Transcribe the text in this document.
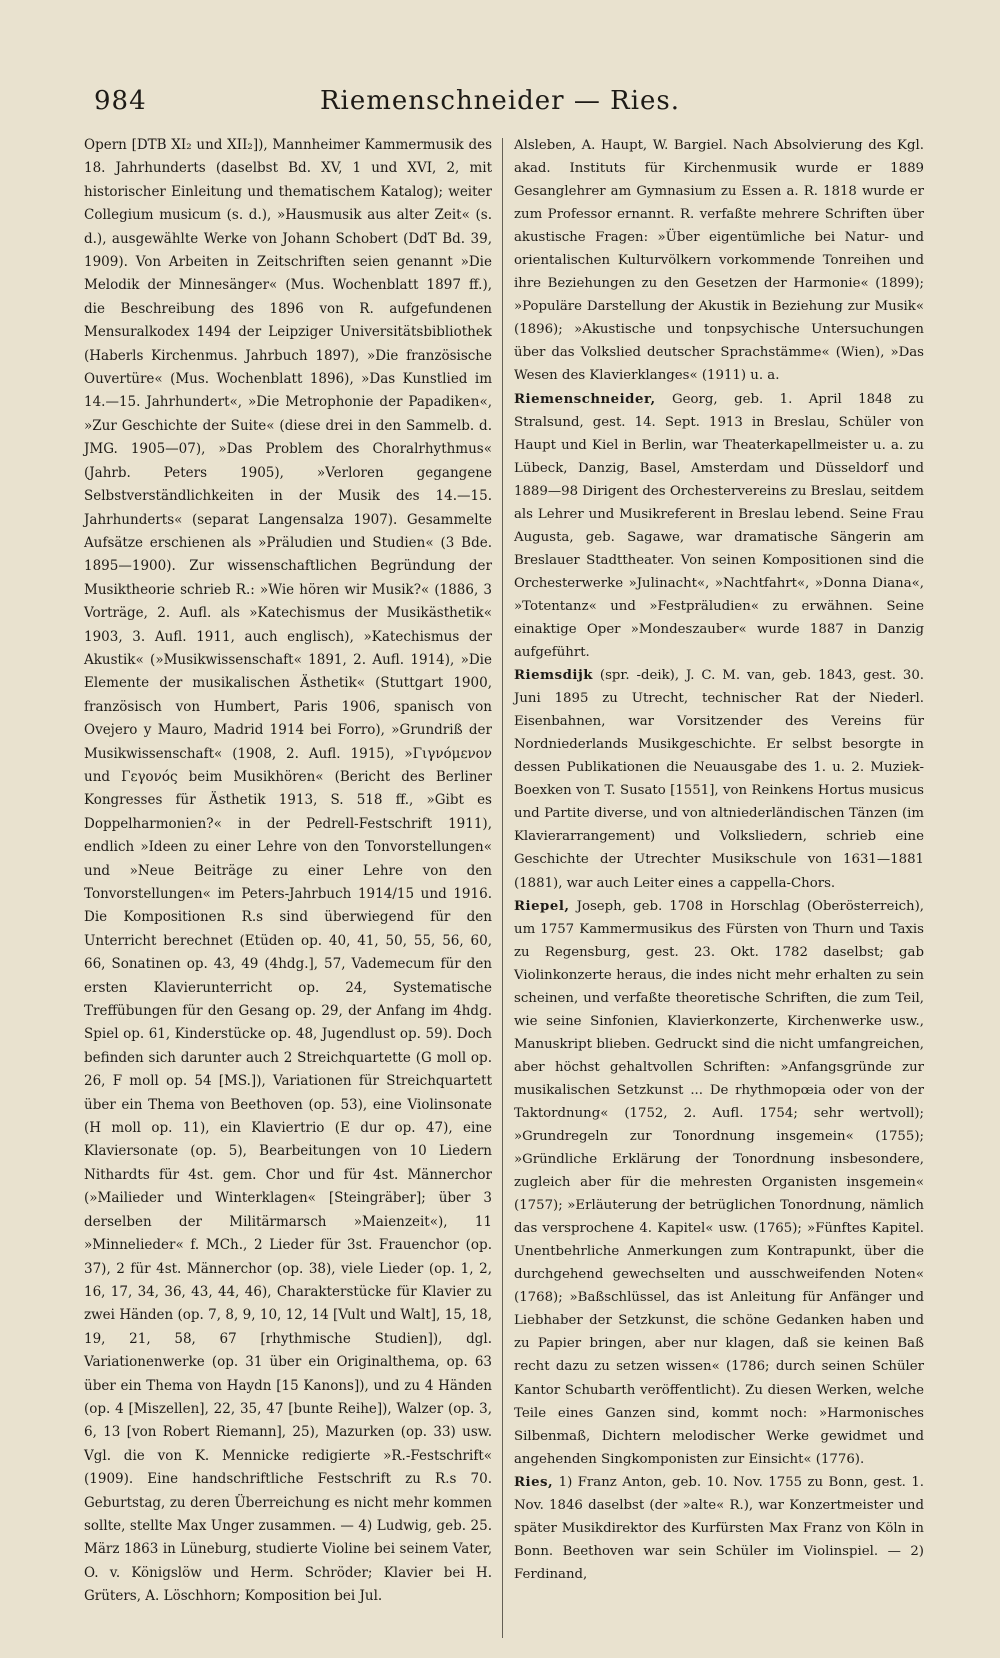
984	Riemenschneider — Ries.

Opern [DTB XI₂ und XII₂]), Mannheimer Kammermusik des 18. Jahrhunderts (daselbst Bd. XV, 1 und XVI, 2, mit historischer Einleitung und thematischem Katalog); weiter Collegium musicum (s. d.), »Hausmusik aus alter Zeit« (s. d.), ausgewählte Werke von Johann Schobert (DdT Bd. 39, 1909). Von Arbeiten in Zeitschriften seien genannt »Die Melodik der Minnesänger« (Mus. Wochenblatt 1897 ff.), die Beschreibung des 1896 von R. aufgefundenen Mensuralkodex 1494 der Leipziger Universitätsbibliothek (Haberls Kirchenmus. Jahrbuch 1897), »Die französische Ouvertüre« (Mus. Wochenblatt 1896), »Das Kunstlied im 14.—15. Jahrhundert«, »Die Metrophonie der Papadiken«, »Zur Geschichte der Suite« (diese drei in den Sammelb. d. JMG. 1905—07), »Das Problem des Choralrhythmus« (Jahrb. Peters 1905), »Verloren gegangene Selbstverständlichkeiten in der Musik des 14.—15. Jahrhunderts« (separat Langensalza 1907). Gesammelte Aufsätze erschienen als »Präludien und Studien« (3 Bde. 1895—1900). Zur wissenschaftlichen Begründung der Musiktheorie schrieb R.: »Wie hören wir Musik?« (1886, 3 Vorträge, 2. Aufl. als »Katechismus der Musikästhetik« 1903, 3. Aufl. 1911, auch englisch), »Katechismus der Akustik« (»Musikwissenschaft« 1891, 2. Aufl. 1914), »Die Elemente der musikalischen Ästhetik« (Stuttgart 1900, französisch von Humbert, Paris 1906, spanisch von Ovejero y Mauro, Madrid 1914 bei Forro), »Grundriß der Musikwissenschaft« (1908, 2. Aufl. 1915), »Γιγνόμενον und Γεγονός beim Musikhören« (Bericht des Berliner Kongresses für Ästhetik 1913, S. 518 ff., »Gibt es Doppelharmonien?« in der Pedrell-Festschrift 1911), endlich »Ideen zu einer Lehre von den Tonvorstellungen« und »Neue Beiträge zu einer Lehre von den Tonvorstellungen« im Peters-Jahrbuch 1914/15 und 1916. Die Kompositionen R.s sind überwiegend für den Unterricht berechnet (Etüden op. 40, 41, 50, 55, 56, 60, 66, Sonatinen op. 43, 49 (4hdg.], 57, Vademecum für den ersten Klavierunterricht op. 24, Systematische Treffübungen für den Gesang op. 29, der Anfang im 4hdg. Spiel op. 61, Kinderstücke op. 48, Jugendlust op. 59). Doch befinden sich darunter auch 2 Streichquartette (G moll op. 26, F moll op. 54 [MS.]), Variationen für Streichquartett über ein Thema von Beethoven (op. 53), eine Violinsonate (H moll op. 11), ein Klaviertrio (E dur op. 47), eine Klaviersonate (op. 5), Bearbeitungen von 10 Liedern Nithardts für 4st. gem. Chor und für 4st. Männerchor (»Mailieder und Winterklagen« [Steingräber]; über 3 derselben der Militärmarsch »Maienzeit«), 11 »Minnelieder« f. MCh., 2 Lieder für 3st. Frauenchor (op. 37), 2 für 4st. Männerchor (op. 38), viele Lieder (op. 1, 2, 16, 17, 34, 36, 43, 44, 46), Charakterstücke für Klavier zu zwei Händen (op. 7, 8, 9, 10, 12, 14 [Vult und Walt], 15, 18, 19, 21, 58, 67 [rhythmische Studien]), dgl. Variationenwerke (op. 31 über ein Originalthema, op. 63 über ein Thema von Haydn [15 Kanons]), und zu 4 Händen (op. 4 [Miszellen], 22, 35, 47 [bunte Reihe]), Walzer (op. 3, 6, 13 [von Robert Riemann], 25), Mazurken (op. 33) usw. Vgl. die von K. Mennicke redigierte »R.-Festschrift« (1909). Eine handschriftliche Festschrift zu R.s 70. Geburtstag, zu deren Überreichung es nicht mehr kommen sollte, stellte Max Unger zusammen. — 4) Ludwig, geb. 25. März 1863 in Lüneburg, studierte Violine bei seinem Vater, O. v. Königslöw und Herm. Schröder; Klavier bei H. Grüters, A. Löschhorn; Komposition bei Jul.

Alsleben, A. Haupt, W. Bargiel. Nach Absolvierung des Kgl. akad. Instituts für Kirchenmusik wurde er 1889 Gesanglehrer am Gymnasium zu Essen a. R. 1818 wurde er zum Professor ernannt. R. verfaßte mehrere Schriften über akustische Fragen: »Über eigentümliche bei Natur- und orientalischen Kulturvölkern vorkommende Tonreihen und ihre Beziehungen zu den Gesetzen der Harmonie« (1899); »Populäre Darstellung der Akustik in Beziehung zur Musik« (1896); »Akustische und tonpsychische Untersuchungen über das Volkslied deutscher Sprachstämme« (Wien), »Das Wesen des Klavierklanges« (1911) u. a.

Riemenschneider, Georg, geb. 1. April 1848 zu Stralsund, gest. 14. Sept. 1913 in Breslau, Schüler von Haupt und Kiel in Berlin, war Theaterkapellmeister u. a. zu Lübeck, Danzig, Basel, Amsterdam und Düsseldorf und 1889—98 Dirigent des Orchestervereins zu Breslau, seitdem als Lehrer und Musikreferent in Breslau lebend. Seine Frau Augusta, geb. Sagawe, war dramatische Sängerin am Breslauer Stadttheater. Von seinen Kompositionen sind die Orchesterwerke »Julinacht«, »Nachtfahrt«, »Donna Diana«, »Totentanz« und »Festpräludien« zu erwähnen. Seine einaktige Oper »Mondeszauber« wurde 1887 in Danzig aufgeführt.

Riemsdijk (spr. -deik), J. C. M. van, geb. 1843, gest. 30. Juni 1895 zu Utrecht, technischer Rat der Niederl. Eisenbahnen, war Vorsitzender des Vereins für Nordniederlands Musikgeschichte. Er selbst besorgte in dessen Publikationen die Neuausgabe des 1. u. 2. Muziek-Boexken von T. Susato [1551], von Reinkens Hortus musicus und Partite diverse, und von altniederländischen Tänzen (im Klavierarrangement) und Volksliedern, schrieb eine Geschichte der Utrechter Musikschule von 1631—1881 (1881), war auch Leiter eines a cappella-Chors.

Riepel, Joseph, geb. 1708 in Horschlag (Oberösterreich), um 1757 Kammermusikus des Fürsten von Thurn und Taxis zu Regensburg, gest. 23. Okt. 1782 daselbst; gab Violinkonzerte heraus, die indes nicht mehr erhalten zu sein scheinen, und verfaßte theoretische Schriften, die zum Teil, wie seine Sinfonien, Klavierkonzerte, Kirchenwerke usw., Manuskript blieben. Gedruckt sind die nicht umfangreichen, aber höchst gehaltvollen Schriften: »Anfangsgründe zur musikalischen Setzkunst ... De rhythmopœia oder von der Taktordnung« (1752, 2. Aufl. 1754; sehr wertvoll); »Grundregeln zur Tonordnung insgemein« (1755); »Gründliche Erklärung der Tonordnung insbesondere, zugleich aber für die mehresten Organisten insgemein« (1757); »Erläuterung der betrüglichen Tonordnung, nämlich das versprochene 4. Kapitel« usw. (1765); »Fünftes Kapitel. Unentbehrliche Anmerkungen zum Kontrapunkt, über die durchgehend gewechselten und ausschweifenden Noten« (1768); »Baßschlüssel, das ist Anleitung für Anfänger und Liebhaber der Setzkunst, die schöne Gedanken haben und zu Papier bringen, aber nur klagen, daß sie keinen Baß recht dazu zu setzen wissen« (1786; durch seinen Schüler Kantor Schubarth veröffentlicht). Zu diesen Werken, welche Teile eines Ganzen sind, kommt noch: »Harmonisches Silbenmaß, Dichtern melodischer Werke gewidmet und angehenden Singkomponisten zur Einsicht« (1776).

Ries, 1) Franz Anton, geb. 10. Nov. 1755 zu Bonn, gest. 1. Nov. 1846 daselbst (der »alte« R.), war Konzertmeister und später Musikdirektor des Kurfürsten Max Franz von Köln in Bonn. Beethoven war sein Schüler im Violinspiel. — 2) Ferdinand,
